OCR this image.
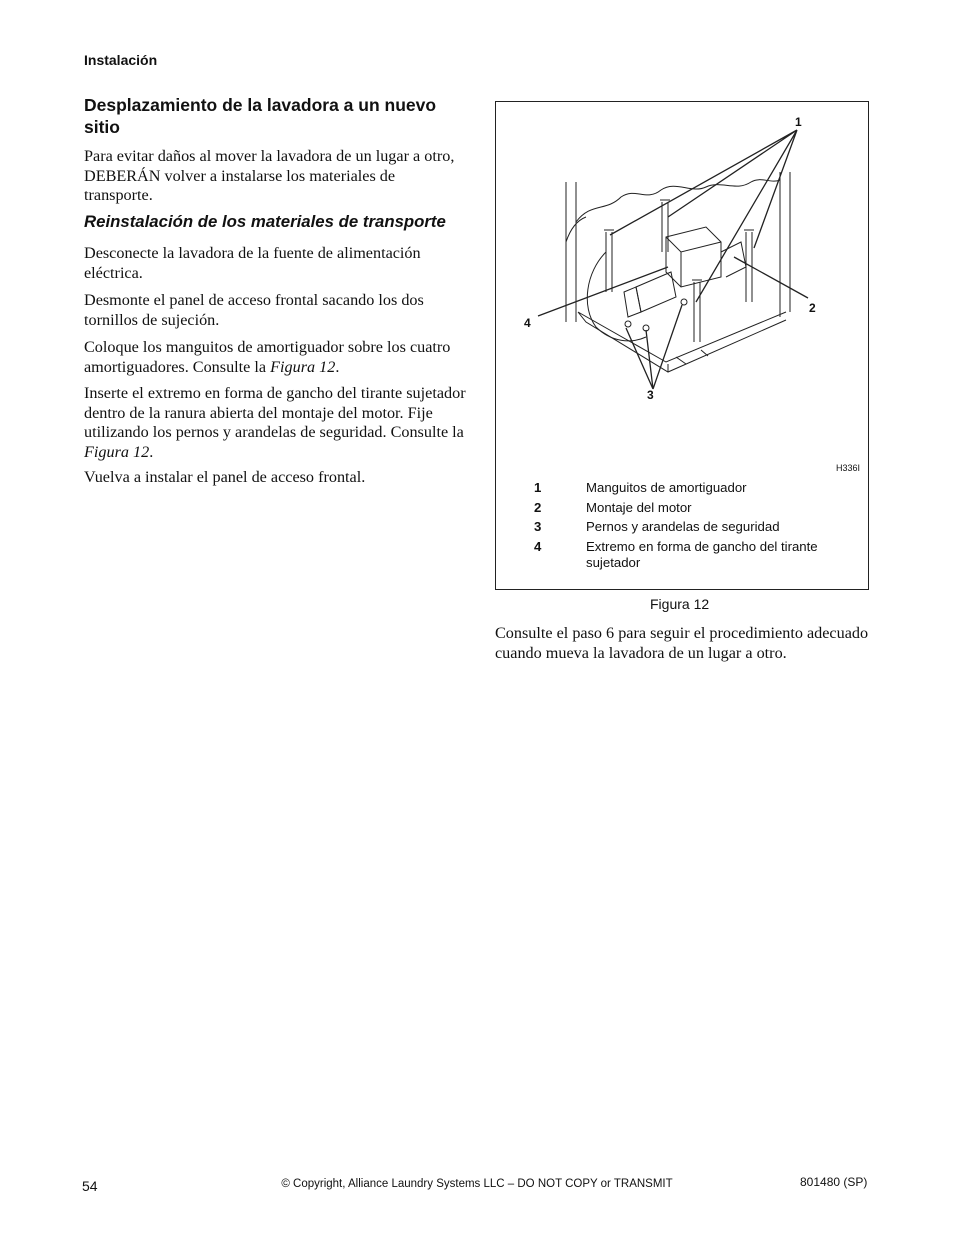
Instalación
Desplazamiento de la lavadora a un nuevo sitio

Para evitar daños al mover la lavadora de un lugar a otro, DEBERÁN volver a instalarse los materiales de transporte.

Reinstalación de los materiales de transporte

Desconecte la lavadora de la fuente de alimentación eléctrica.

Desmonte el panel de acceso frontal sacando los dos tornillos de sujeción.

Coloque los manguitos de amortiguador sobre los cuatro amortiguadores. Consulte la Figura 12.

Inserte el extremo en forma de gancho del tirante sujetador dentro de la ranura abierta del montaje del motor. Fije utilizando los pernos y arandelas de seguridad. Consulte la Figura 12.

Vuelva a instalar el panel de acceso frontal.

1
2
3
4
H336I
1	Manguitos de amortiguador
2	Montaje del motor
3	Pernos y arandelas de seguridad
4	Extremo en forma de gancho del tirante sujetador
Figura 12

Consulte el paso 6 para seguir el procedimiento adecuado cuando mueva la lavadora de un lugar a otro.

54	© Copyright, Alliance Laundry Systems LLC – DO NOT COPY or TRANSMIT	801480 (SP)
